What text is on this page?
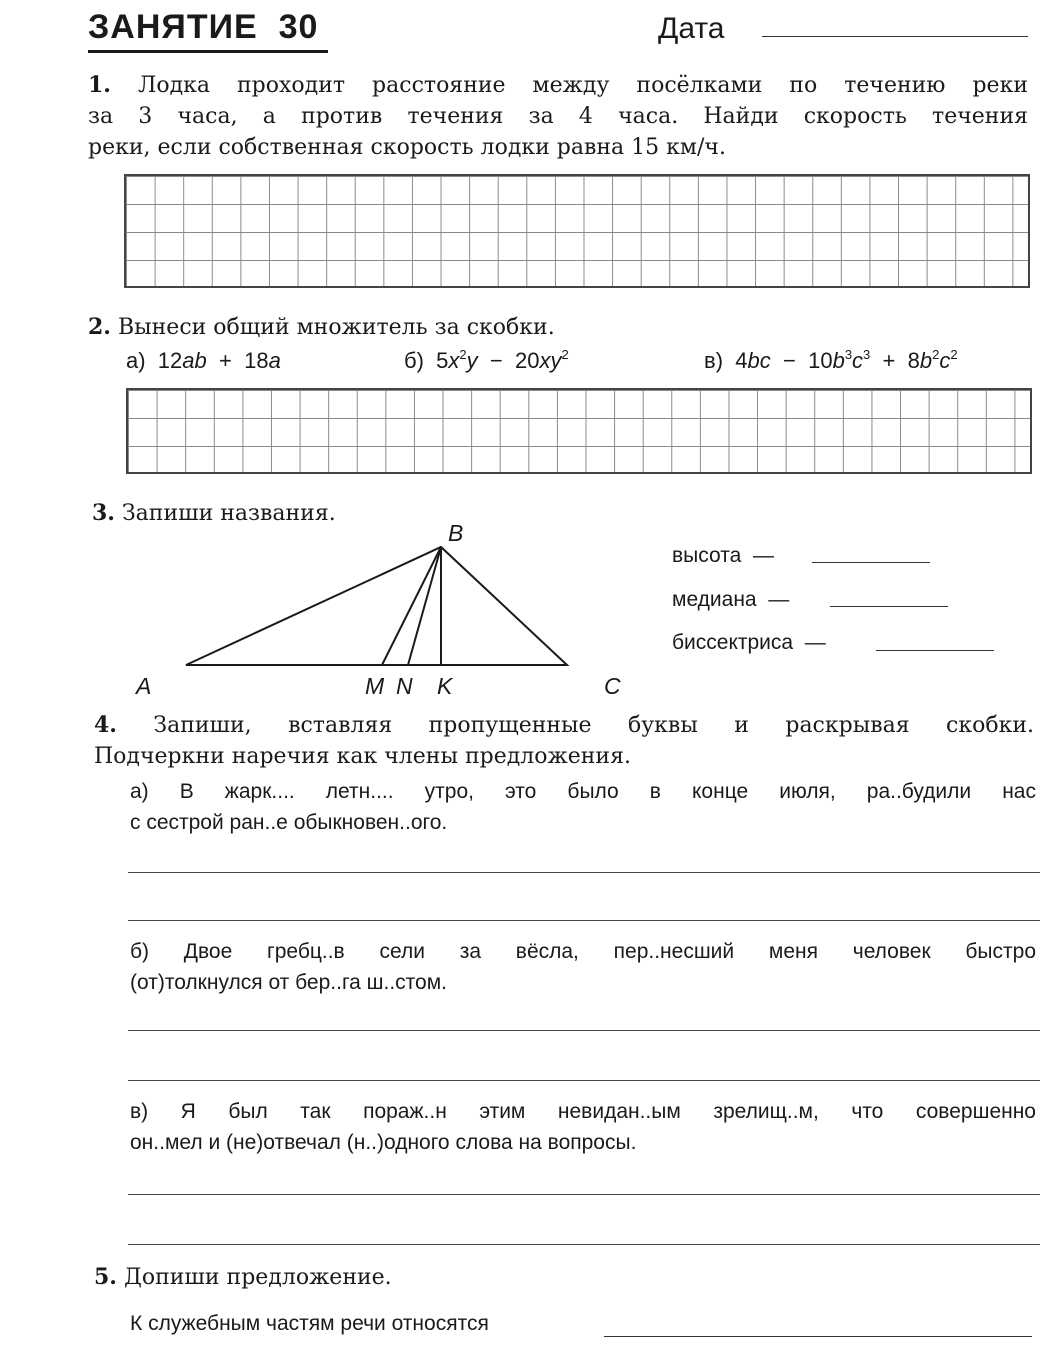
ЗАНЯТИЕ  30	Дата
1. Лодка проходит расстояние между посёлками по течению реки
за 3 часа, а против течения за 4 часа. Найди скорость течения
реки, если собственная скорость лодки равна 15 км/ч.
2. Вынеси общий множитель за скобки.
а) 12ab + 18a	б) $5x^2y - 20xy^2$	в) $4bc - 10b^3c^3 + 8b^2c^2$
3. Запиши названия.
B
A	C
M N K
высота —
медиана —
биссектриса —
4. Запиши, вставляя пропущенные буквы и раскрывая скобки.
Подчеркни наречия как члены предложения.
а) В жарк.... летн.... утро, это было в конце июля, ра..будили нас
с сестрой ран..е обыкновен..ого.
б) Двое гребц..в сели за вёсла, пер..несший меня человек быстро
(от)толкнулся от бер..га ш..стом.
в) Я был так пораж..н этим невидан..ым зрелищ..м, что совершенно
он..мел и (не)отвечал (н..)одного слова на вопросы.
5. Допиши предложение.
К служебным частям речи относятся
